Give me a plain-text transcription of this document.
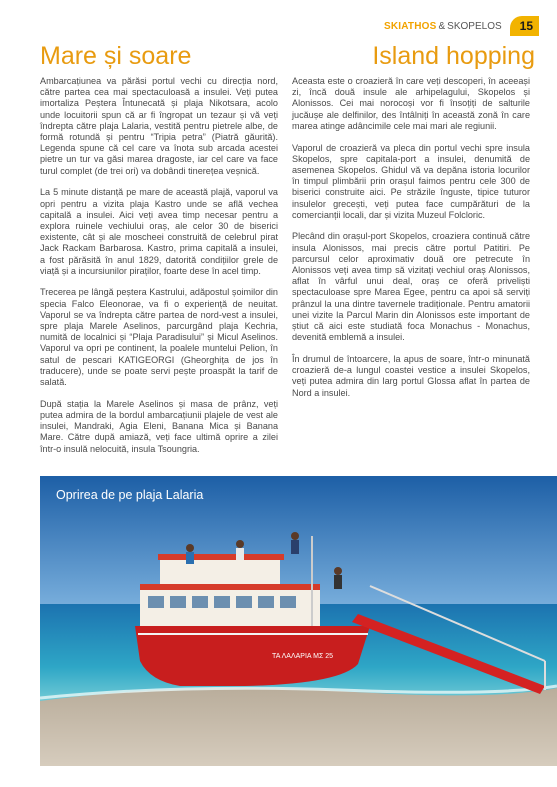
SKIATHOS & SKOPELOS	15
Mare și soare	Island hopping

Ambarcațiunea va părăsi portul vechi cu direcția nord, către partea cea mai spectaculoasă a insulei. Veți putea imortaliza Peștera Întunecată și plaja Nikotsara, acolo unde locuitorii spun că ar fi îngropat un tezaur și vă veți îndrepta către plaja Lalaria, vestită pentru pietrele albe, de formă rotundă și pentru “Tripia petra” (Piatră găurită). Legenda spune că cel care va înota sub arcada acestei pietre un tur va găsi marea dragoste, iar cel care va face turul complet (de trei ori) va dobândi tinerețea veșnică.

La 5 minute distanță pe mare de această plajă, vaporul va opri pentru a vizita plaja Kastro unde se află vechea capitală a insulei. Aici veți avea timp necesar pentru a explora ruinele vechiului oraș, ale celor 30 de biserici existente, cât și ale moscheei construită de celebrul pirat Jack Rackam Barbarosa. Kastro, prima capitală a insulei, a fost părăsită în anul 1829, datorită condițiilor grele de viață și a incursiunilor piraților, foarte dese în acel timp.

Trecerea pe lângă peștera Kastrului, adăpostul șoimilor din specia Falco Eleonorae, va fi o experiență de neuitat. Vaporul se va îndrepta către partea de nord-vest a insulei, spre plaja Marele Aselinos, parcurgând plaja Kechria, numită de localnici și “Plaja Paradisului” și Micul Aselinos. Vaporul va opri pe continent, la poalele muntelui Pelion, în satul de pescari KATIGEORGI (Gheorghița de jos în traducere), unde se poate servi pește proaspăt la tarif de salată.

După stația la Marele Aselinos și masa de prânz, veți putea admira de la bordul ambarcațiunii plajele de vest ale insulei, Mandraki, Agia Eleni, Banana Mica și Banana Mare. Către după amiază, veți face ultimă oprire a zilei într-o insulă nelocuită, insula Tsoungria.

Aceasta este o croazieră în care veți descoperi, în aceeași zi, încă două insule ale arhipelagului, Skopelos și Alonissos. Cei mai norocoși vor fi însoțiți de salturile jucăușe ale delfinilor, des întâlniți în această zonă în care marea atinge adâncimile cele mai mari ale regiunii.

Vaporul de croazieră va pleca din portul vechi spre insula Skopelos, spre capitala-port a insulei, denumită de asemenea Skopelos. Ghidul vă va depăna istoria locurilor în timpul plimbării prin orașul faimos pentru cele 300 de biserici construite aici. Pe străzile înguste, tipice tuturor insulelor grecești, veți putea face cumpărături de la comercianții locali, dar și vizita Muzeul Folcloric.

Plecând din orașul-port Skopelos, croaziera continuă către insula Alonissos, mai precis către portul Patitiri. Pe parcursul celor aproximativ două ore petrecute în Alonissos veți avea timp să vizitați vechiul oraș Alonissos, aflat în vârful unui deal, oraș ce oferă priveliști spectaculoase spre Marea Egee, pentru ca apoi să serviți prânzul la una dintre tavernele tradiționale. Pentru amatorii unei vizite la Parcul Marin din Alonissos este important de știut că aici este studiată foca Monachus - Monachus, devenită emblemă a insulei.

În drumul de întoarcere, la apus de soare, într-o minunată croazieră de-a lungul coastei vestice a insulei Skopelos, veți putea admira din larg portul Glossa aflat în partea de Nord a insulei.

ΤΑ ΛΑΛΑΡΙΑ ΜΣ 25
Oprirea de pe plaja Lalaria
